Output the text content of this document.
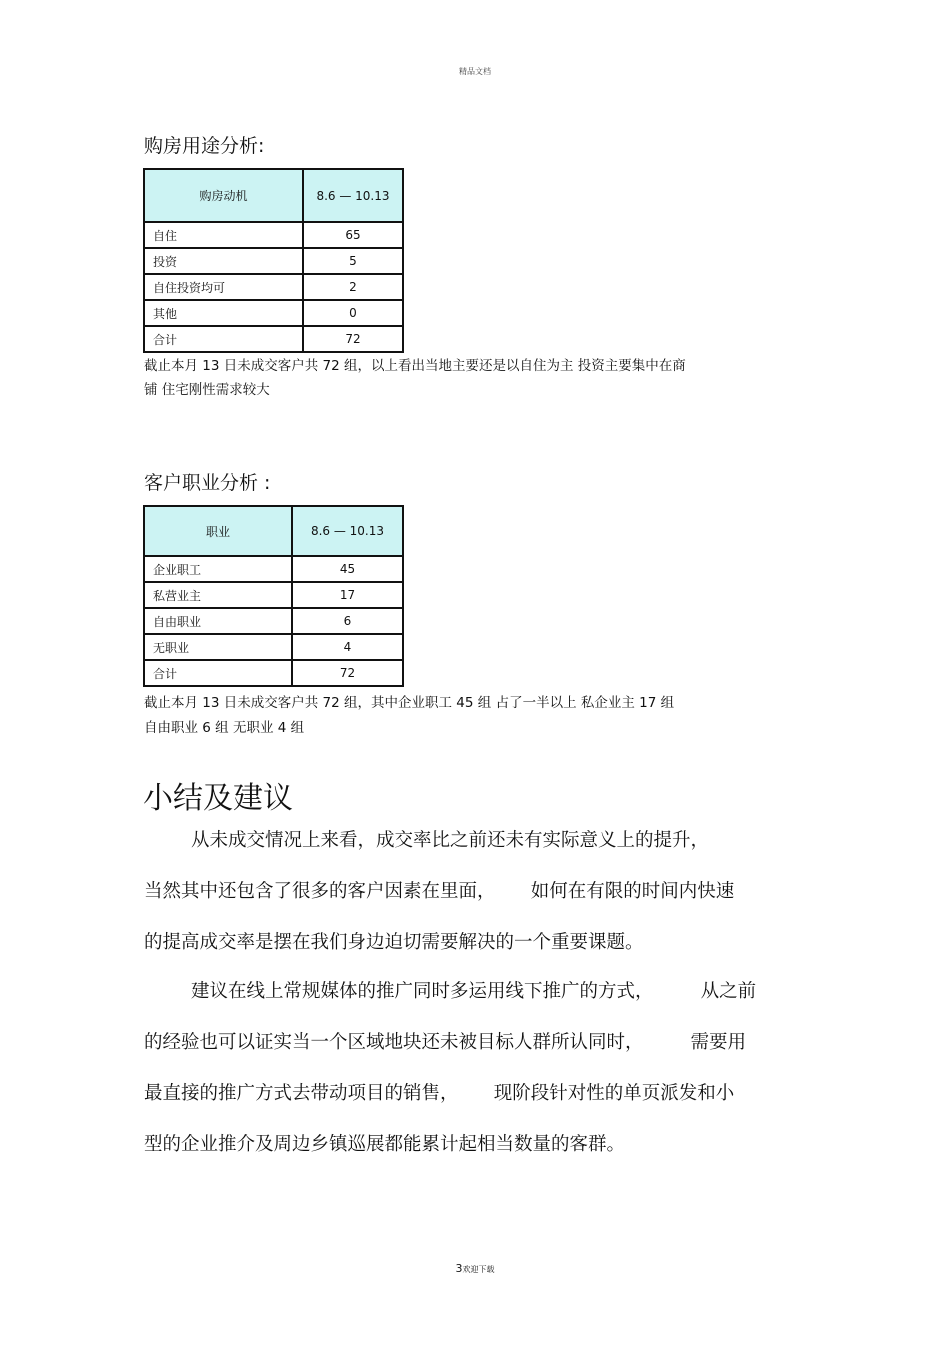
精品文档
购房用途分析:
购房动机	8.6 — 10.13
自住	65
投资	5
自住投资均可	2
其他	0
合计	72
截止本月 13 日未成交客户共 72 组，以上看出当地主要还是以自住为主 投资主要集中在商
铺 住宅刚性需求较大
客户职业分析 :
职业	8.6 — 10.13
企业职工	45
私营业主	17
自由职业	6
无职业	4
合计	72
截止本月 13 日未成交客户共 72 组，其中企业职工 45 组 占了一半以上 私企业主 17 组
自由职业 6 组 无职业 4 组
小结及建议
从未成交情况上来看，成交率比之前还未有实际意义上的提升，
当然其中还包含了很多的客户因素在里面，      如何在有限的时间内快速
的提高成交率是摆在我们身边迫切需要解决的一个重要课题。
建议在线上常规媒体的推广同时多运用线下推广的方式，        从之前
的经验也可以证实当一个区域地块还未被目标人群所认同时，        需要用
最直接的推广方式去带动项目的销售，      现阶段针对性的单页派发和小
型的企业推介及周边乡镇巡展都能累计起相当数量的客群。
3欢迎下载
